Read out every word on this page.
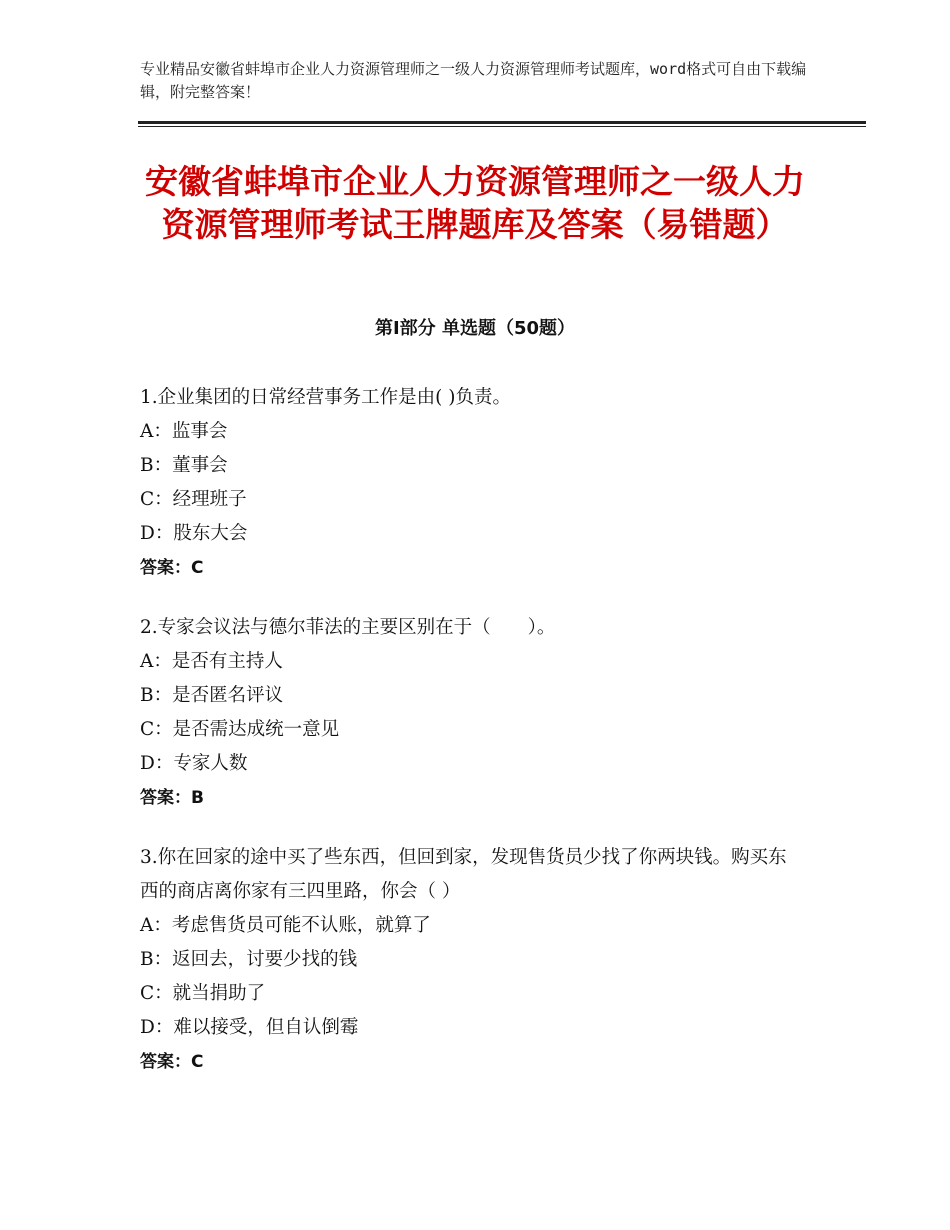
专业精品安徽省蚌埠市企业人力资源管理师之一级人力资源管理师考试题库，word格式可自由下载编辑，附完整答案！
安徽省蚌埠市企业人力资源管理师之一级人力资源管理师考试王牌题库及答案（易错题）
第Ⅰ部分 单选题（50题）
1.企业集团的日常经营事务工作是由( )负责。
A：监事会
B：董事会
C：经理班子
D：股东大会
答案：C
2.专家会议法与德尔菲法的主要区别在于（　　）。
A：是否有主持人
B：是否匿名评议
C：是否需达成统一意见
D：专家人数
答案：B
3.你在回家的途中买了些东西，但回到家，发现售货员少找了你两块钱。购买东西的商店离你家有三四里路，你会（ ）
A：考虑售货员可能不认账，就算了
B：返回去，讨要少找的钱
C：就当捐助了
D：难以接受，但自认倒霉
答案：C
